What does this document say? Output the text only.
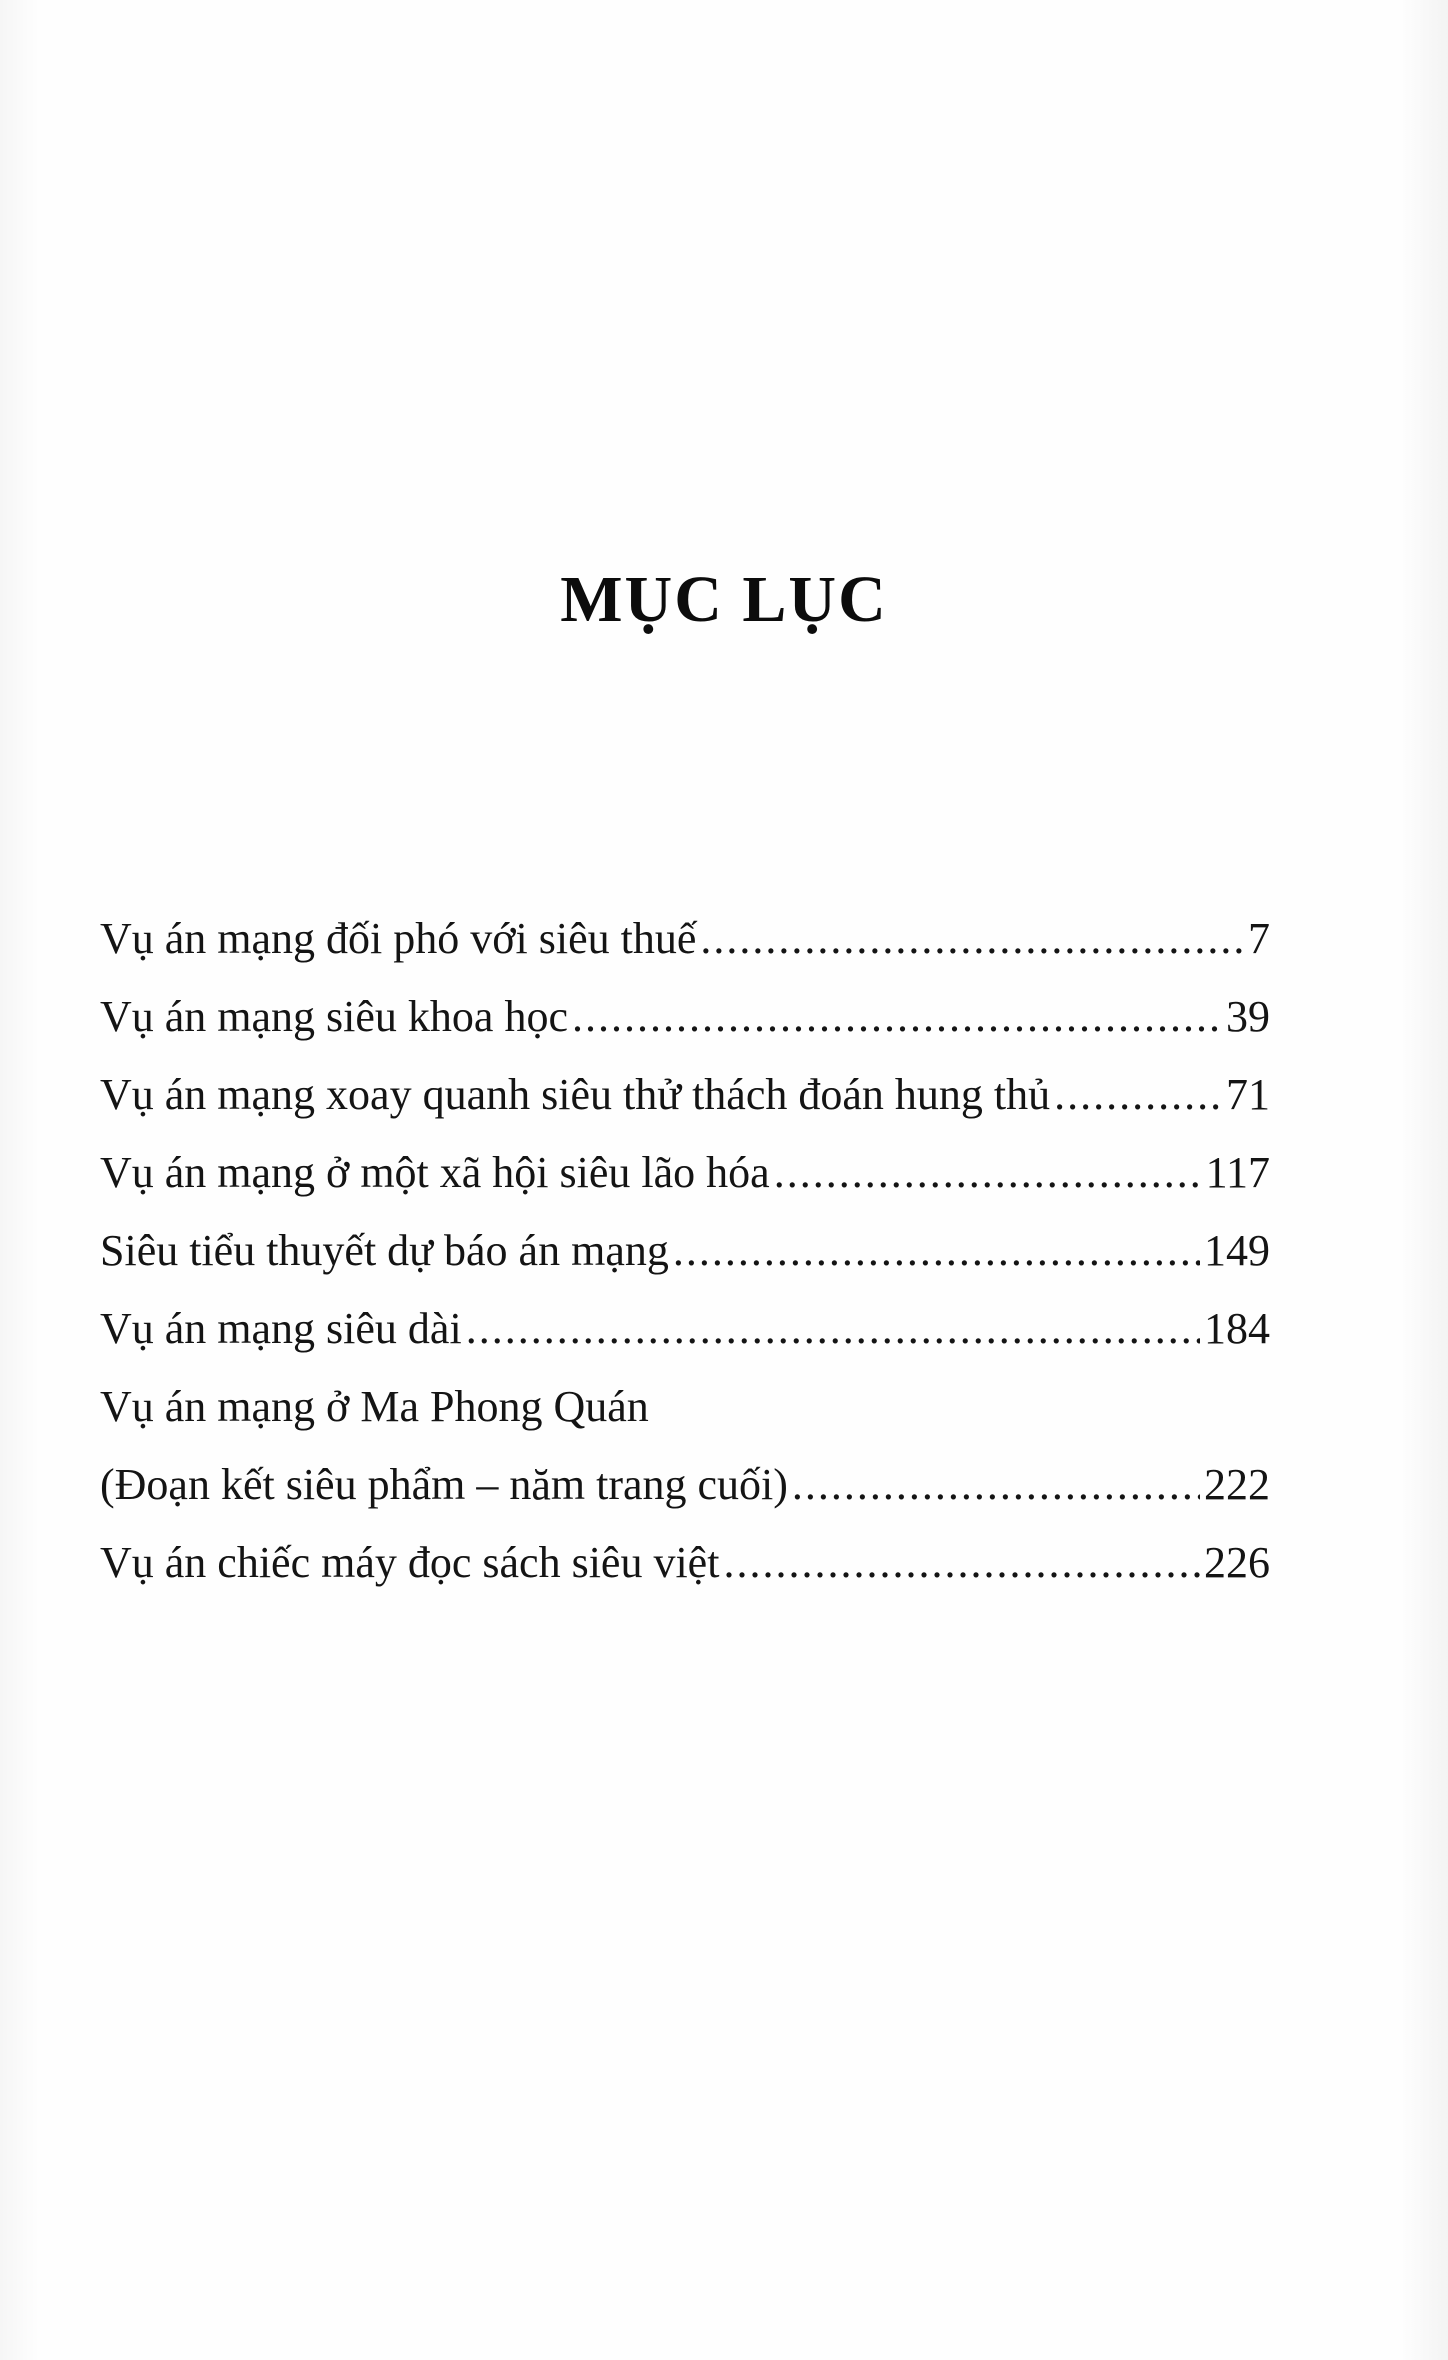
MỤC LỤC
Vụ án mạng đối phó với siêu thuế .....	7
Vụ án mạng siêu khoa học .....	39
Vụ án mạng xoay quanh siêu thử thách đoán hung thủ .....	71
Vụ án mạng ở một xã hội siêu lão hóa .....	117
Siêu tiểu thuyết dự báo án mạng .....	149
Vụ án mạng siêu dài .....	184
Vụ án mạng ở Ma Phong Quán
(Đoạn kết siêu phẩm – năm trang cuối) .....	222
Vụ án chiếc máy đọc sách siêu việt .....	226
